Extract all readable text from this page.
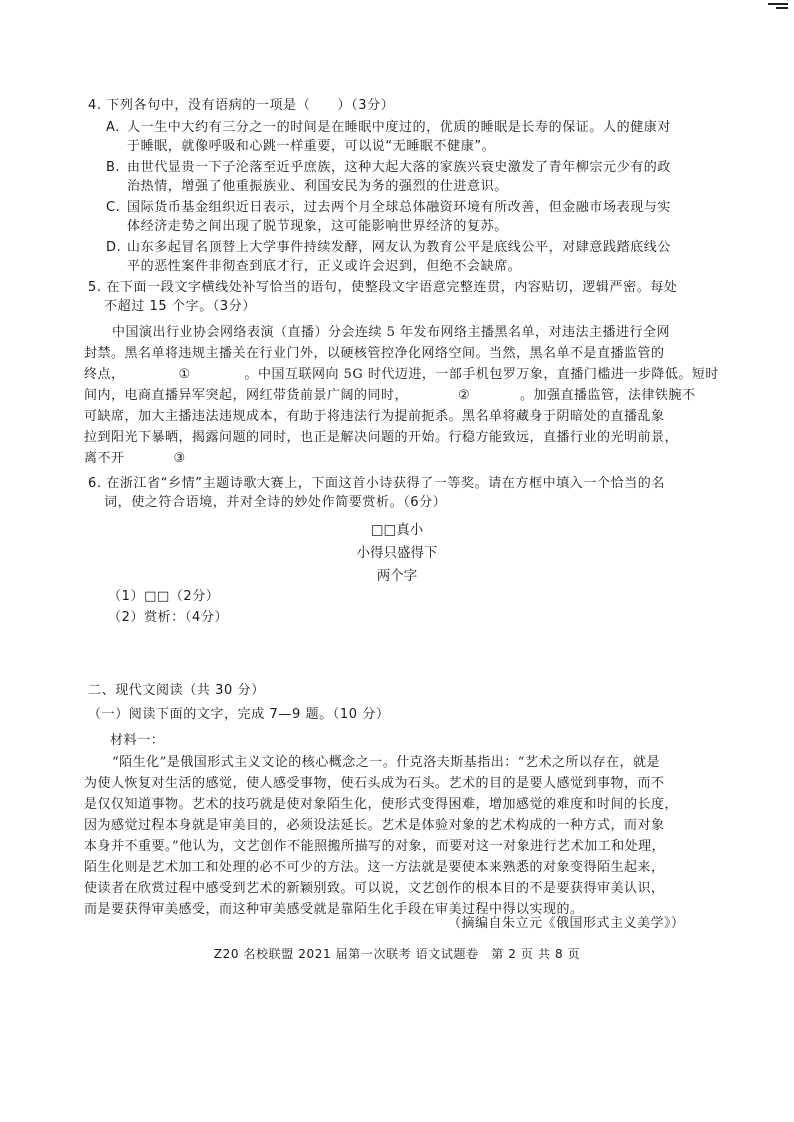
4. 下列各句中，没有语病的一项是（　　）（3分）
A. 人一生中大约有三分之一的时间是在睡眠中度过的，优质的睡眠是长寿的保证。人的健康对
于睡眠，就像呼吸和心跳一样重要，可以说“无睡眠不健康”。
B. 由世代显贵一下子沦落至近乎庶族，这种大起大落的家族兴衰史激发了青年柳宗元少有的政
治热情，增强了他重振族业、利国安民为务的强烈的仕进意识。
C. 国际货币基金组织近日表示，过去两个月全球总体融资环境有所改善，但金融市场表现与实
体经济走势之间出现了脱节现象，这可能影响世界经济的复苏。
D. 山东多起冒名顶替上大学事件持续发酵，网友认为教育公平是底线公平，对肆意践踏底线公
平的恶性案件非彻查到底才行，正义或许会迟到，但绝不会缺席。
5. 在下面一段文字横线处补写恰当的语句，使整段文字语意完整连贯，内容贴切，逻辑严密。每处
不超过 15 个字。（3分）
中国演出行业协会网络表演（直播）分会连续 5 年发布网络主播黑名单，对违法主播进行全网
封禁。黑名单将违规主播关在行业门外，以硬核管控净化网络空间。当然，黑名单不是直播监管的
终点，	①	。中国互联网向 5G 时代迈进，一部手机包罗万象，直播门槛进一步降低。短时
间内，电商直播异军突起，网红带货前景广阔的同时，	②	。加强直播监管，法律铁腕不
可缺席，加大主播违法违规成本，有助于将违法行为提前扼杀。黑名单将藏身于阴暗处的直播乱象
拉到阳光下暴晒，揭露问题的同时，也正是解决问题的开始。行稳方能致远，直播行业的光明前景，
离不开	③
6. 在浙江省“乡情”主题诗歌大赛上，下面这首小诗获得了一等奖。请在方框中填入一个恰当的名
词，使之符合语境，并对全诗的妙处作简要赏析。（6分）
□□真小
小得只盛得下
两个字
（1）□□（2分）
（2）赏析：（4分）
二、现代文阅读（共 30 分）
（一）阅读下面的文字，完成 7—9 题。（10 分）
材料一：
“陌生化”是俄国形式主义文论的核心概念之一。什克洛夫斯基指出：“艺术之所以存在，就是
为使人恢复对生活的感觉，使人感受事物，使石头成为石头。艺术的目的是要人感觉到事物，而不
是仅仅知道事物。艺术的技巧就是使对象陌生化，使形式变得困难，增加感觉的难度和时间的长度，
因为感觉过程本身就是审美目的，必须设法延长。艺术是体验对象的艺术构成的一种方式，而对象
本身并不重要。”他认为，文艺创作不能照搬所描写的对象，而要对这一对象进行艺术加工和处理，
陌生化则是艺术加工和处理的必不可少的方法。这一方法就是要使本来熟悉的对象变得陌生起来，
使读者在欣赏过程中感受到艺术的新颖别致。可以说，文艺创作的根本目的不是要获得审美认识，
而是要获得审美感受，而这种审美感受就是靠陌生化手段在审美过程中得以实现的。
（摘编自朱立元《俄国形式主义美学》）
Z20 名校联盟 2021 届第一次联考 语文试题卷　第 2 页 共 8 页
